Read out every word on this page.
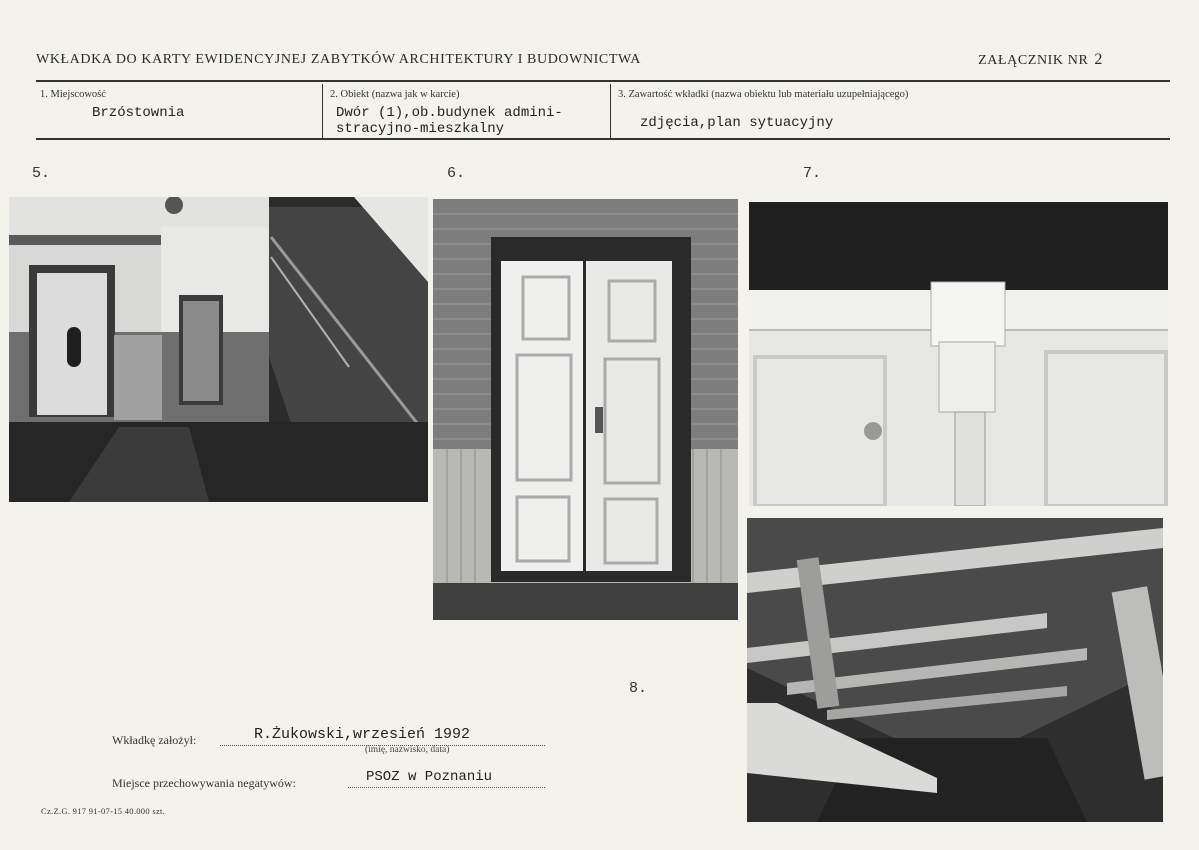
WKŁADKA DO KARTY EWIDENCYJNEJ ZABYTKÓW ARCHITEKTURY I BUDOWNICTWA	ZAŁĄCZNIK NR 2
1. Miejscowość
Brzóstownia
2. Obiekt (nazwa jak w karcie)
Dwór (1),ob.budynek admini-
stracyjno-mieszkalny
3. Zawartość wkładki (nazwa obiektu lub materiału uzupełniającego)
zdjęcia,plan sytuacyjny
5.	6.	7.
8.
Wkładkę założył:	R.Żukowski,wrzesień 1992
(imię, nazwisko, data)
Miejsce przechowywania negatywów:	PSOZ w Poznaniu
Cz.Z.G. 917 91-07-15 40.000 szt.
